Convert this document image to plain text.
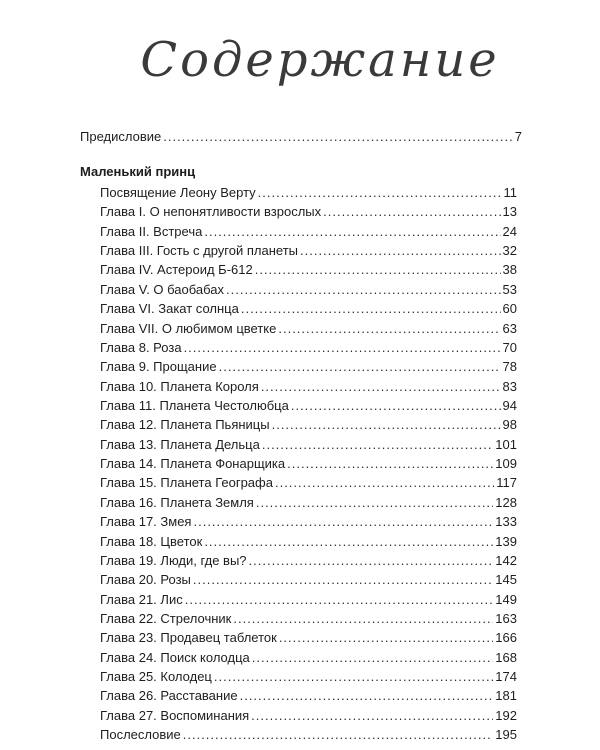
Содержание
Предисловие .....	7
Маленький принц
Посвящение Леону Верту .....	11
Глава I. О непонятливости взрослых .....	13
Глава II. Встреча .....	24
Глава III. Гость с другой планеты .....	32
Глава IV. Астероид Б-612 .....	38
Глава V. О баобабах .....	53
Глава VI. Закат солнца .....	60
Глава VII. О любимом цветке .....	63
Глава 8. Роза .....	70
Глава 9. Прощание .....	78
Глава 10. Планета Короля .....	83
Глава 11. Планета Честолюбца .....	94
Глава 12. Планета Пьяницы .....	98
Глава 13. Планета Дельца .....	101
Глава 14. Планета Фонарщика .....	109
Глава 15. Планета Географа .....	117
Глава 16. Планета Земля .....	128
Глава 17. Змея .....	133
Глава 18. Цветок .....	139
Глава 19. Люди, где вы? .....	142
Глава 20. Розы .....	145
Глава 21. Лис .....	149
Глава 22. Стрелочник .....	163
Глава 23. Продавец таблеток .....	166
Глава 24. Поиск колодца .....	168
Глава 25. Колодец .....	174
Глава 26. Расставание .....	181
Глава 27. Воспоминания .....	192
Послесловие .....	195
